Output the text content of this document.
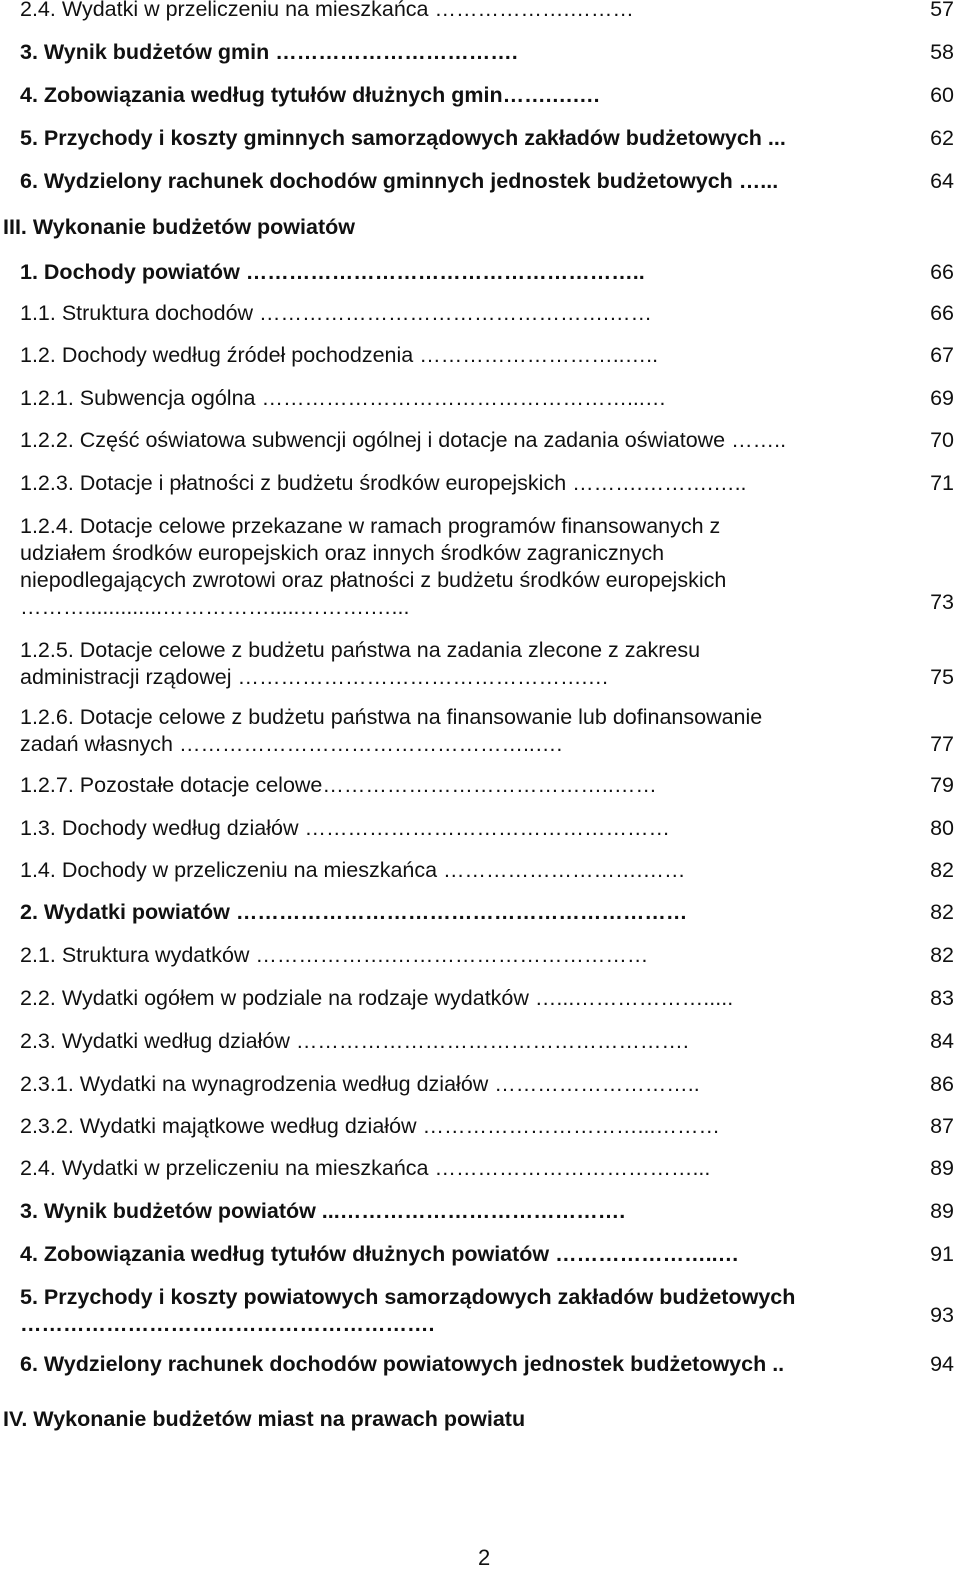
2.4. Wydatki w przeliczeniu na mieszkańca ……………….………	57
3. Wynik budżetów gmin …………………………….	58
4. Zobowiązania według tytułów dłużnych gmin…….….…	60
5. Przychody i koszty gminnych samorządowych zakładów budżetowych ...	62
6. Wydzielony rachunek dochodów gminnych jednostek budżetowych …...	64
III. Wykonanie budżetów powiatów
1. Dochody powiatów ………………………………………………..	66
1.1. Struktura dochodów ………………………………………….……	66
1.2. Dochody według źródeł pochodzenia ………………………..…..	67
1.2.1. Subwencja ogólna ……………………………………………...…	69
1.2.2. Część oświatowa subwencji ogólnej i dotacje na zadania oświatowe ……..	70
1.2.3. Dotacje i płatności z budżetu środków europejskich ……….……….…..	71
1.2.4. Dotacje celowe przekazane w ramach programów finansowanych z udziałem środków europejskich oraz innych środków zagranicznych niepodlegających zwrotowi oraz płatności z budżetu środków europejskich ……….............…………….....……….…...	73
1.2.5. Dotacje celowe z budżetu państwa na zadania zlecone z zakresu administracji rządowej ………………………………………….…	75
1.2.6. Dotacje celowe z budżetu państwa na finansowanie lub dofinansowanie zadań własnych …………………………………………..….	77
1.2.7. Pozostałe dotacje celowe…………………………………..……	79
1.3. Dochody według działów ……………………………………………	80
1.4. Dochody w przeliczeniu na mieszkańca ……………………….……	82
2. Wydatki powiatów ………………………………………………………	82
2.1. Struktura wydatków ……………….………………………………	82
2.2. Wydatki ogółem w podziale na rodzaje wydatków …...……………….....	83
2.3. Wydatki według działów ……………………………………………….	84
2.3.1. Wydatki na wynagrodzenia według działów ………………………..	86
2.3.2. Wydatki majątkowe według działów …………………………...………	87
2.4. Wydatki w przeliczeniu na mieszkańca ………………………………...	89
3. Wynik budżetów powiatów ...………………………………….	89
4. Zobowiązania według tytułów dłużnych powiatów …………………..…	91
5. Przychody i koszty powiatowych samorządowych zakładów budżetowych ………………………………………………….	93
6. Wydzielony rachunek dochodów powiatowych jednostek budżetowych ..	94
IV. Wykonanie budżetów miast na prawach powiatu
2
